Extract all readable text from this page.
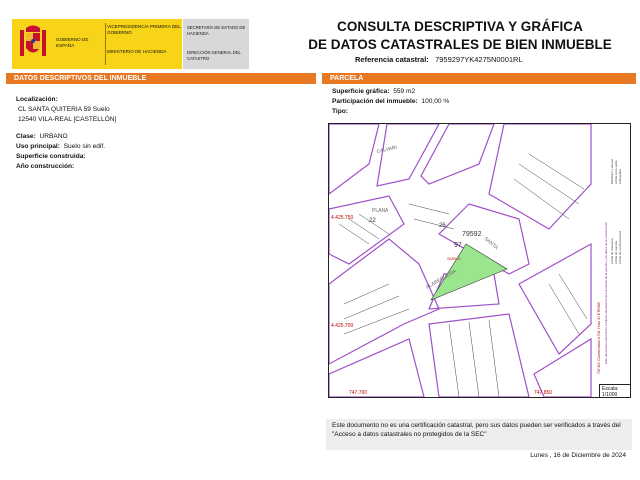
GOBIERNO DE ESPAÑA
VICEPRESIDENCIA PRIMERA DEL GOBIERNO
MINISTERIO DE HACIENDA
SECRETARÍA DE ESTADO DE HACIENDA
DIRECCIÓN GENERAL DEL CATASTRO
CONSULTA DESCRIPTIVA Y GRÁFICA
DE DATOS CATASTRALES DE BIEN INMUEBLE
Referencia catastral: 7959297YK4275N0001RL
DATOS DESCRIPTIVOS DEL INMUEBLE
Localización:
CL SANTA QUITERIA 59 Suelo
12540 VILA-REAL [CASTELLÓN]
Clase: URBANO
Uso principal: Suelo sin edif.
Superficie construida:
Año construcción:
PARCELA
Superficie gráfica: 559 m2
Participación del inmueble: 100,00 %
Tipo:
4.425.750
4.425.700
747.700	747.850
CALVARI
PLANA
SANTA
ALABEGUERA
79592
97
26
22
SUELO
747.800 Coordenadas U.T.M. Huso 30 ETRS89 Este documento electrónico contiene información de los límites de la parcela y los datos de la construcción Límite de manzana Límite de parcela Límite de construcciones
Mobiliario y aceras Límite zona verde Hidrografía
Escala:
1/1000
Este documento no es una certificación catastral, pero sus datos pueden ser verificados a través del "Acceso a datos catastrales no protegidos de la SEC"
Lunes , 16 de Diciembre de 2024
